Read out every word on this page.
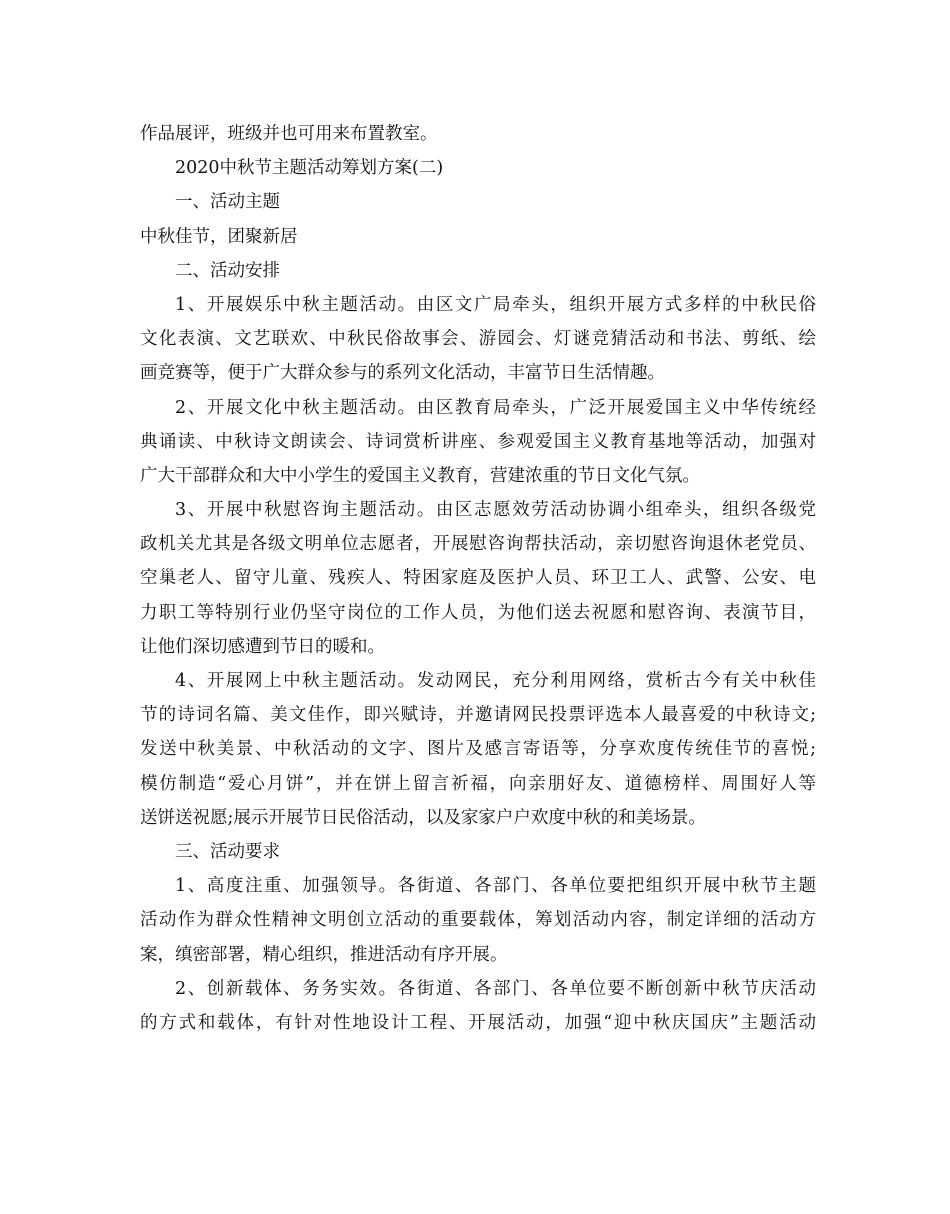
作品展评，班级并也可用来布置教室。
2020中秋节主题活动筹划方案(二)
一、活动主题
中秋佳节，团聚新居
二、活动安排
1、开展娱乐中秋主题活动。由区文广局牵头，组织开展方式多样的中秋民俗
文化表演、文艺联欢、中秋民俗故事会、游园会、灯谜竞猜活动和书法、剪纸、绘
画竞赛等，便于广大群众参与的系列文化活动，丰富节日生活情趣。
2、开展文化中秋主题活动。由区教育局牵头，广泛开展爱国主义中华传统经
典诵读、中秋诗文朗读会、诗词赏析讲座、参观爱国主义教育基地等活动，加强对
广大干部群众和大中小学生的爱国主义教育，营建浓重的节日文化气氛。
3、开展中秋慰咨询主题活动。由区志愿效劳活动协调小组牵头，组织各级党
政机关尤其是各级文明单位志愿者，开展慰咨询帮扶活动，亲切慰咨询退休老党员、
空巢老人、留守儿童、残疾人、特困家庭及医护人员、环卫工人、武警、公安、电
力职工等特别行业仍坚守岗位的工作人员，为他们送去祝愿和慰咨询、表演节目，
让他们深切感遭到节日的暖和。
4、开展网上中秋主题活动。发动网民，充分利用网络，赏析古今有关中秋佳
节的诗词名篇、美文佳作，即兴赋诗，并邀请网民投票评选本人最喜爱的中秋诗文;
发送中秋美景、中秋活动的文字、图片及感言寄语等，分享欢度传统佳节的喜悦;
模仿制造“爱心月饼”，并在饼上留言祈福，向亲朋好友、道德榜样、周围好人等
送饼送祝愿;展示开展节日民俗活动，以及家家户户欢度中秋的和美场景。
三、活动要求
1、高度注重、加强领导。各街道、各部门、各单位要把组织开展中秋节主题
活动作为群众性精神文明创立活动的重要载体，筹划活动内容，制定详细的活动方
案，缜密部署，精心组织，推进活动有序开展。
2、创新载体、务务实效。各街道、各部门、各单位要不断创新中秋节庆活动
的方式和载体，有针对性地设计工程、开展活动，加强“迎中秋庆国庆”主题活动
